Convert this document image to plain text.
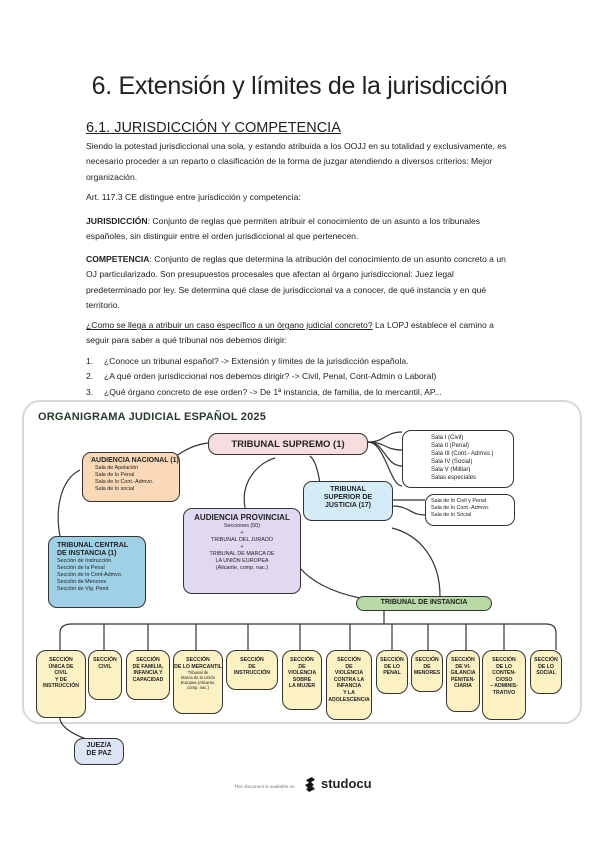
6. Extensión y límites de la jurisdicción
6.1. JURISDICCIÓN Y COMPETENCIA
Siendo la potestad jurisdiccional una sola, y estando atribuida a los OOJJ en su totalidad y exclusivamente, es necesario proceder a un reparto o clasificación de la forma de juzgar atendiendo a diversos criterios: Mejor organización.
Art. 117.3 CE distingue entre jurisdicción y competencia:
JURISDICCIÓN: Conjunto de reglas que permiten atribuir el conocimiento de un asunto a los tribunales españoles, sin distinguir entre el orden jurisdiccional al que pertenecen.
COMPETENCIA: Conjunto de reglas que determina la atribución del conocimiento de un asunto concreto a un OJ particularizado. Son presupuestos procesales que afectan al órgano jurisdiccional: Juez legal predeterminado por ley. Se determina qué clase de jurisdiccional va a conocer, de qué instancia y en qué territorio.
¿Como se llega a atribuir un caso específico a un órgano judicial concreto? La LOPJ establece el camino a seguir para saber a qué tribunal nos debemos dirigir:
1. ¿Conoce un tribunal español? -> Extensión y límites de la jurisdicción española.
2. ¿A qué orden jurisdiccional nos debemos dirigir? -> Civil, Penal, Cont-Admin o Laboral)
3. ¿Qué órgano concreto de ese orden? -> De 1ª instancia, de familia, de lo mercantil, AP...
ORGANIGRAMA JUDICIAL ESPAÑOL 2025
TRIBUNAL SUPREMO (1)
Sala I (Civil)
Sala II (Penal)
Sala III (Cont.- Admvo.)
Sala IV (Social)
Sala V (Militar)
Salas especiales
AUDIENCIA NACIONAL (1)
Sala de Apelación
Sala de lo Penal
Sala de lo Cont.-Admvo.
Sala de lo social	TRIBUNAL
SUPERIOR DE
JUSTICIA (17)
Sala de lo Civil y Penal
Sala de lo Cont.-Admvo.
Sala de lo Social
AUDIENCIA PROVINCIAL
Secciones (50)
+
TRIBUNAL DEL JURADO
+
TRIBUNAL DE MARCA DE
LA UNIÓN EUROPEA
(Alicante, comp. nac.)
TRIBUNAL CENTRAL
DE INSTANCIA (1)
Sección de Instrucción
Sección de la Penal
Sección de lo Cont-Admvo.
Sección de Menores
Sección de Vig. Penit.
TRIBUNAL DE INSTANCIA
SECCIÓN
ÚNICA DE
CIVIL
Y DE
INSTRUCCIÓN
SECCIÓN
CIVIL
SECCIÓN
DE FAMILIA,
INFANCIA Y
CAPACIDAD
SECCIÓN
DE LO MERCANTIL
Tribunal de
Marca de la Unión
Europea (Alicante,
comp. nac.)
SECCIÓN
DE
INSTRUCCIÓN
SECCIÓN
DE
VIOLENCIA
SOBRE
LA MUJER
SECCIÓN
DE
VIOLENCIA
CONTRA LA
INFANCIA
Y LA
ADOLESCENCIA
SECCIÓN
DE LO
PENAL
SECCIÓN
DE
MENORES
SECCIÓN
DE VI-
GILANCIA
PENITEN-
CIARIA
SECCIÓN
DE LO
CONTEN-
CIOSO
– ADMINIS-
TRATIVO
SECCIÓN
DE LO
SOCIAL
JUEZ/A
DE PAZ
This document is available on studocu
